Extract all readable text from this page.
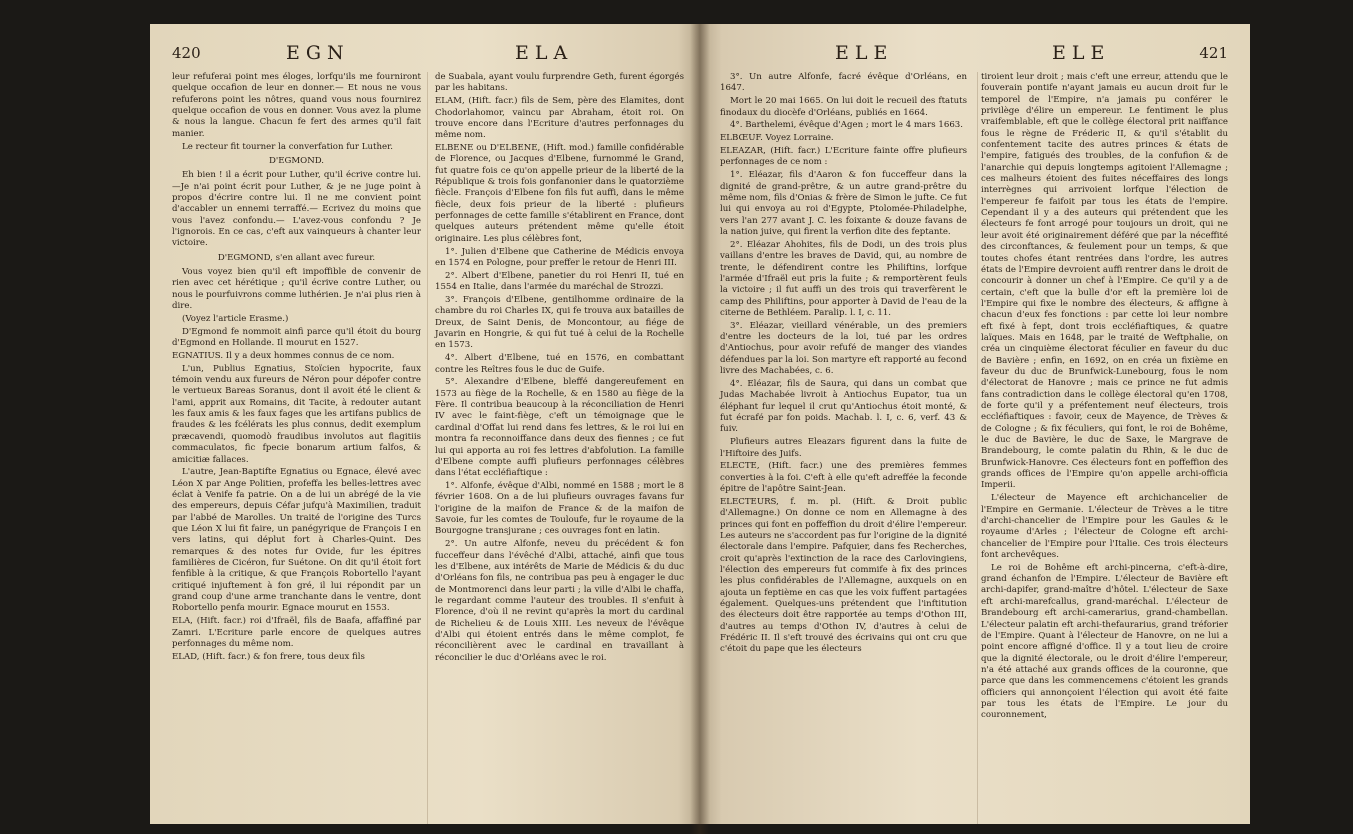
420	EGN	ELA

leur refuferai point mes éloges, lorfqu'ils me fourniront quelque occafion de leur en donner.— Et nous ne vous refuferons point les nôtres, quand vous nous fournirez quelque occafion de vous en donner. Vous avez la plume & nous la langue. Chacun fe fert des armes qu'il fait manier.

Le recteur fit tourner la converfation fur Luther.

D'EGMOND.

Eh bien ! il a écrit pour Luther, qu'il écrive contre lui.—Je n'ai point écrit pour Luther, & je ne juge point à propos d'écrire contre lui. Il ne me convient point d'accabler un ennemi terraffé.— Ecrivez du moins que vous l'avez confondu.— L'avez-vous confondu ? Je l'ignorois. En ce cas, c'eft aux vainqueurs à chanter leur victoire.

D'EGMOND, s'en allant avec fureur.

Vous voyez bien qu'il eft impoffible de convenir de rien avec cet hérétique ; qu'il écrive contre Luther, ou nous le pourfuivrons comme luthérien. Je n'ai plus rien à dire.

(Voyez l'article Erasme.)

D'Egmond fe nommoit ainfi parce qu'il étoit du bourg d'Egmond en Hollande. Il mourut en 1527.

EGNATIUS. Il y a deux hommes connus de ce nom.

L'un, Publius Egnatius, Stoïcien hypocrite, faux témoin vendu aux fureurs de Néron pour dépofer contre le vertueux Bareas Soranus, dont il avoit été le client & l'ami, apprit aux Romains, dit Tacite, à redouter autant les faux amis & les faux fages que les artifans publics de fraudes & les fcélérats les plus connus, dedit exemplum præcavendi, quomodò fraudibus involutos aut flagitiis commaculatos, fic fpecie bonarum artium falfos, & amicitiæ fallaces.

L'autre, Jean-Baptifte Egnatius ou Egnace, élevé avec Léon X par Ange Politien, profeffa les belles-lettres avec éclat à Venife fa patrie. On a de lui un abrégé de la vie des empereurs, depuis Céfar jufqu'à Maximilien, traduit par l'abbé de Marolles. Un traité de l'origine des Turcs que Léon X lui fit faire, un panégyrique de François I en vers latins, qui déplut fort à Charles-Quint. Des remarques & des notes fur Ovide, fur les épitres familières de Cicéron, fur Suétone. On dit qu'il étoit fort fenfible à la critique, & que François Robortello l'ayant critiqué injuftement à fon gré, il lui répondit par un grand coup d'une arme tranchante dans le ventre, dont Robortello penfa mourir. Egnace mourut en 1553.

ELA, (Hift. facr.) roi d'Ifraël, fils de Baafa, affaffiné par Zamri. L'Ecriture parle encore de quelques autres perfonnages du même nom.

ELAD, (Hift. facr.) & fon frere, tous deux fils

de Suabala, ayant voulu furprendre Geth, furent égorgés par les habitans.

ELAM, (Hift. facr.) fils de Sem, père des Elamites, dont Chodorlahomor, vaincu par Abraham, étoit roi. On trouve encore dans l'Ecriture d'autres perfonnages du même nom.

ELBENE ou D'ELBENE, (Hift. mod.) famille confidérable de Florence, ou Jacques d'Elbene, furnommé le Grand, fut quatre fois ce qu'on appelle prieur de la liberté de la République & trois fois gonfanonier dans le quatorzième fiècle. François d'Elbene fon fils fut auffi, dans le même fiècle, deux fois prieur de la liberté : plufieurs perfonnages de cette famille s'établirent en France, dont quelques auteurs prétendent même qu'elle étoit originaire. Les plus célèbres font,

1°. Julien d'Elbene que Catherine de Médicis envoya en 1574 en Pologne, pour preffer le retour de Henri III.

2°. Albert d'Elbene, panetier du roi Henri II, tué en 1554 en Italie, dans l'armée du maréchal de Strozzi.

3°. François d'Elbene, gentilhomme ordinaire de la chambre du roi Charles IX, qui fe trouva aux batailles de Dreux, de Saint Denis, de Moncontour, au fiége de Javarin en Hongrie, & qui fut tué à celui de la Rochelle en 1573.

4°. Albert d'Elbene, tué en 1576, en combattant contre les Reîtres fous le duc de Guife.

5°. Alexandre d'Elbene, bleffé dangereufement en 1573 au fiège de la Rochelle, & en 1580 au fiège de la Fère. Il contribua beaucoup à la réconciliation de Henri IV avec le faint-fiège, c'eft un témoignage que le cardinal d'Offat lui rend dans fes lettres, & le roi lui en montra fa reconnoiffance dans deux des fiennes ; ce fut lui qui apporta au roi fes lettres d'abfolution. La famille d'Elbene compte auffi plufieurs perfonnages célèbres dans l'état eccléfiaftique :

1°. Alfonfe, évêque d'Albi, nommé en 1588 ; mort le 8 février 1608. On a de lui plufieurs ouvrages favans fur l'origine de la maifon de France & de la maifon de Savoie, fur les comtes de Touloufe, fur le royaume de la Bourgogne transjurane ; ces ouvrages font en latin.

2°. Un autre Alfonfe, neveu du précédent & fon fucceffeur dans l'évêché d'Albi, attaché, ainfi que tous les d'Elbene, aux intérêts de Marie de Médicis & du duc d'Orléans fon fils, ne contribua pas peu à engager le duc de Montmorenci dans leur parti ; la ville d'Albi le chaffa, le regardant comme l'auteur des troubles. Il s'enfuit à Florence, d'où il ne revint qu'après la mort du cardinal de Richelieu & de Louis XIII. Les neveux de l'évêque d'Albi qui étoient entrés dans le même complot, fe réconcilièrent avec le cardinal en travaillant à réconcilier le duc d'Orléans avec le roi.

ELE	ELE	421

3°. Un autre Alfonfe, facré évêque d'Orléans, en 1647.

Mort le 20 mai 1665. On lui doit le recueil des ftatuts finodaux du diocèfe d'Orléans, publiés en 1664.

4°. Barthelemi, évêque d'Agen ; mort le 4 mars 1663.

ELBŒUF. Voyez Lorraine.

ELEAZAR, (Hift. facr.) L'Ecriture fainte offre plufieurs perfonnages de ce nom :

1°. Eléazar, fils d'Aaron & fon fucceffeur dans la dignité de grand-prêtre, & un autre grand-prêtre du même nom, fils d'Onias & frère de Simon le jufte. Ce fut lui qui envoya au roi d'Egypte, Ptolomée-Philadelphe, vers l'an 277 avant J. C. les foixante & douze favans de la nation juive, qui firent la verfion dite des feptante.

2°. Eléazar Ahohites, fils de Dodi, un des trois plus vaillans d'entre les braves de David, qui, au nombre de trente, le défendirent contre les Philiftins, lorfque l'armée d'Ifraël eut pris la fuite ; & remportèrent feuls la victoire ; il fut auffi un des trois qui traverfèrent le camp des Philiftins, pour apporter à David de l'eau de la citerne de Bethléem. Paralip. l. I, c. 11.

3°. Eléazar, vieillard vénérable, un des premiers d'entre les docteurs de la loi, tué par les ordres d'Antiochus, pour avoir refufé de manger des viandes défendues par la loi. Son martyre eft rapporté au fecond livre des Machabées, c. 6.

4°. Eléazar, fils de Saura, qui dans un combat que Judas Machabée livroit à Antiochus Eupator, tua un éléphant fur lequel il crut qu'Antiochus étoit monté, & fut écrafé par fon poids. Machab. l. I, c. 6, verf. 43 & fuiv.

Plufieurs autres Eleazars figurent dans la fuite de l'Hiftoire des Juifs.

ELECTE, (Hift. facr.) une des premières femmes converties à la foi. C'eft à elle qu'eft adreffée la feconde épitre de l'apôtre Saint-Jean.

ELECTEURS, f. m. pl. (Hift. & Droit public d'Allemagne.) On donne ce nom en Allemagne à des princes qui font en poffeffion du droit d'élire l'empereur. Les auteurs ne s'accordent pas fur l'origine de la dignité électorale dans l'empire. Pafquier, dans fes Recherches, croit qu'après l'extinction de la race des Carlovingiens, l'élection des empereurs fut commife à fix des princes les plus confidérables de l'Allemagne, auxquels on en ajouta un feptième en cas que les voix fuffent partagées également. Quelques-uns prétendent que l'inftitution des électeurs doit être rapportée au temps d'Othon III, d'autres au temps d'Othon IV, d'autres à celui de Frédéric II. Il s'eft trouvé des écrivains qui ont cru que c'étoit du pape que les électeurs

tiroient leur droit ; mais c'eft une erreur, attendu que le fouverain pontife n'ayant jamais eu aucun droit fur le temporel de l'Empire, n'a jamais pu conférer le privilège d'élire un empereur. Le fentiment le plus vraifemblable, eft que le collège électoral prit naiffance fous le règne de Fréderic II, & qu'il s'établit du confentement tacite des autres princes & états de l'empire, fatigués des troubles, de la confufion & de l'anarchie qui depuis longtemps agitoient l'Allemagne ; ces malheurs étoient des fuites néceffaires des longs interrègnes qui arrivoient lorfque l'élection de l'empereur fe faifoit par tous les états de l'empire. Cependant il y a des auteurs qui prétendent que les électeurs fe font arrogé pour toujours un droit, qui ne leur avoit été originairement déféré que par la néceffité des circonftances, & feulement pour un temps, & que toutes chofes étant rentrées dans l'ordre, les autres états de l'Empire devroient auffi rentrer dans le droit de concourir à donner un chef à l'Empire. Ce qu'il y a de certain, c'eft que la bulle d'or eft la première loi de l'Empire qui fixe le nombre des électeurs, & affigne à chacun d'eux fes fonctions : par cette loi leur nombre eft fixé à fept, dont trois eccléfiaftiques, & quatre laïques. Mais en 1648, par le traité de Weftphalie, on créa un cinquième électorat féculier en faveur du duc de Bavière ; enfin, en 1692, on en créa un fixième en faveur du duc de Brunfwick-Lunebourg, fous le nom d'électorat de Hanovre ; mais ce prince ne fut admis fans contradiction dans le collège électoral qu'en 1708, de forte qu'il y a préfentement neuf électeurs, trois eccléfiaftiques : favoir, ceux de Mayence, de Trèves & de Cologne ; & fix féculiers, qui font, le roi de Bohême, le duc de Bavière, le duc de Saxe, le Margrave de Brandebourg, le comte palatin du Rhin, & le duc de Brunfwick-Hanovre. Ces électeurs font en poffeffion des grands offices de l'Empire qu'on appelle archi-officia Imperii.

L'électeur de Mayence eft archichancelier de l'Empire en Germanie. L'électeur de Trèves a le titre d'archi-chancelier de l'Empire pour les Gaules & le royaume d'Arles ; l'électeur de Cologne eft archi-chancelier de l'Empire pour l'Italie. Ces trois électeurs font archevêques.

Le roi de Bohême eft archi-pincerna, c'eft-à-dire, grand échanfon de l'Empire. L'électeur de Bavière eft archi-dapifer, grand-maître d'hôtel. L'électeur de Saxe eft archi-marefcallus, grand-maréchal. L'électeur de Brandebourg eft archi-camerarius, grand-chambellan. L'électeur palatin eft archi-thefaurarius, grand tréforier de l'Empire. Quant à l'électeur de Hanovre, on ne lui a point encore affigné d'office. Il y a tout lieu de croire que la dignité électorale, ou le droit d'élire l'empereur, n'a été attaché aux grands offices de la couronne, que parce que dans les commencemens c'étoient les grands officiers qui annonçoient l'élection qui avoit été faite par tous les états de l'Empire. Le jour du couronnement,
